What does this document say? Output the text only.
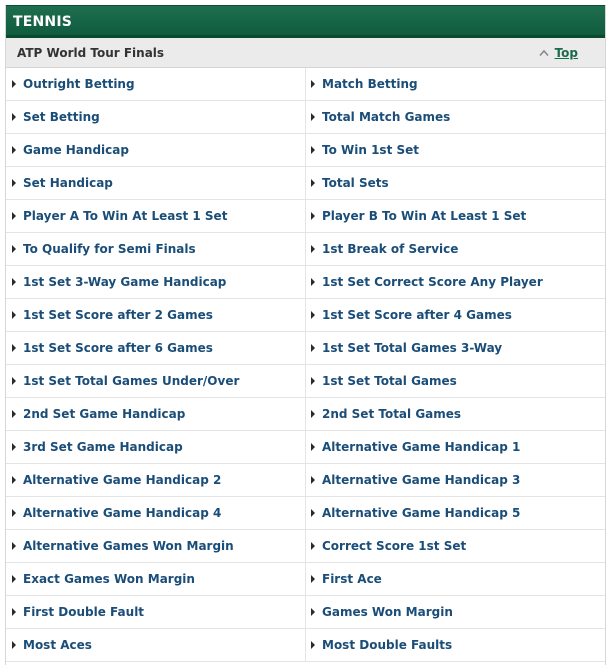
TENNIS
ATP World Tour Finals	Top
Outright Betting	Match Betting
Set Betting	Total Match Games
Game Handicap	To Win 1st Set
Set Handicap	Total Sets
Player A To Win At Least 1 Set	Player B To Win At Least 1 Set
To Qualify for Semi Finals	1st Break of Service
1st Set 3-Way Game Handicap	1st Set Correct Score Any Player
1st Set Score after 2 Games	1st Set Score after 4 Games
1st Set Score after 6 Games	1st Set Total Games 3-Way
1st Set Total Games Under/Over	1st Set Total Games
2nd Set Game Handicap	2nd Set Total Games
3rd Set Game Handicap	Alternative Game Handicap 1
Alternative Game Handicap 2	Alternative Game Handicap 3
Alternative Game Handicap 4	Alternative Game Handicap 5
Alternative Games Won Margin	Correct Score 1st Set
Exact Games Won Margin	First Ace
First Double Fault	Games Won Margin
Most Aces	Most Double Faults
